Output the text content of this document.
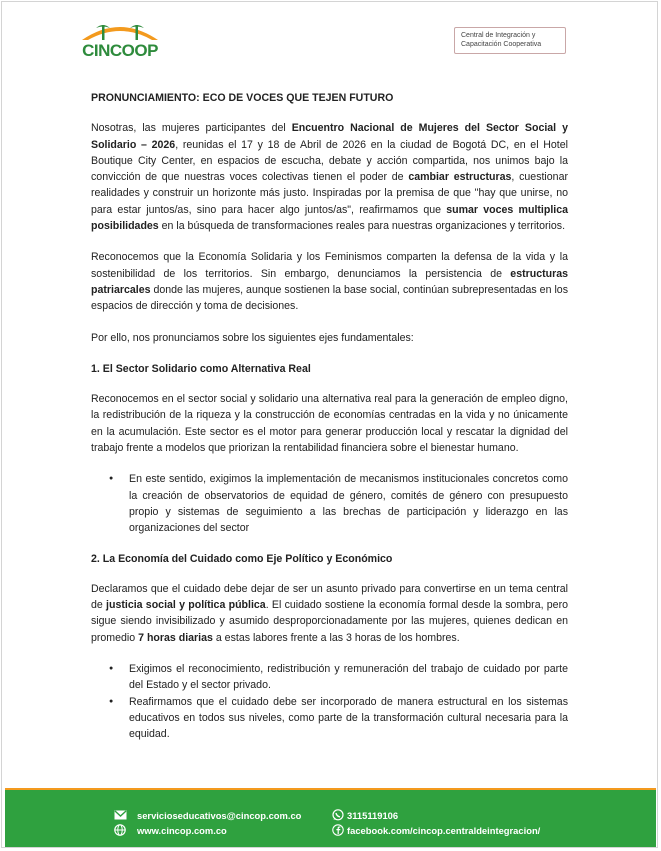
CINCOOP
Central de Integración y
Capacitación Cooperativa
PRONUNCIAMIENTO: ECO DE VOCES QUE TEJEN FUTURO

Nosotras, las mujeres participantes del Encuentro Nacional de Mujeres del Sector Social y Solidario – 2026, reunidas el 17 y 18 de Abril de 2026 en la ciudad de Bogotá DC, en el Hotel Boutique City Center, en espacios de escucha, debate y acción compartida, nos unimos bajo la convicción de que nuestras voces colectivas tienen el poder de cambiar estructuras, cuestionar realidades y construir un horizonte más justo. Inspiradas por la premisa de que "hay que unirse, no para estar juntos/as, sino para hacer algo juntos/as", reafirmamos que sumar voces multiplica posibilidades en la búsqueda de transformaciones reales para nuestras organizaciones y territorios.

Reconocemos que la Economía Solidaria y los Feminismos comparten la defensa de la vida y la sostenibilidad de los territorios. Sin embargo, denunciamos la persistencia de estructuras patriarcales donde las mujeres, aunque sostienen la base social, continúan subrepresentadas en los espacios de dirección y toma de decisiones.

Por ello, nos pronunciamos sobre los siguientes ejes fundamentales:

1. El Sector Solidario como Alternativa Real

Reconocemos en el sector social y solidario una alternativa real para la generación de empleo digno, la redistribución de la riqueza y la construcción de economías centradas en la vida y no únicamente en la acumulación. Este sector es el motor para generar producción local y rescatar la dignidad del trabajo frente a modelos que priorizan la rentabilidad financiera sobre el bienestar humano.

● En este sentido, exigimos la implementación de mecanismos institucionales concretos como la creación de observatorios de equidad de género, comités de género con presupuesto propio y sistemas de seguimiento a las brechas de participación y liderazgo en las organizaciones del sector
2. La Economía del Cuidado como Eje Político y Económico

Declaramos que el cuidado debe dejar de ser un asunto privado para convertirse en un tema central de justicia social y política pública. El cuidado sostiene la economía formal desde la sombra, pero sigue siendo invisibilizado y asumido desproporcionadamente por las mujeres, quienes dedican en promedio 7 horas diarias a estas labores frente a las 3 horas de los hombres.

● Exigimos el reconocimiento, redistribución y remuneración del trabajo de cuidado por parte del Estado y el sector privado.
● Reafirmamos que el cuidado debe ser incorporado de manera estructural en los sistemas educativos en todos sus niveles, como parte de la transformación cultural necesaria para la equidad.
servicioseducativos@cincop.com.co
www.cincop.com.co
3115119106
facebook.com/cincop.centraldeintegracion/
